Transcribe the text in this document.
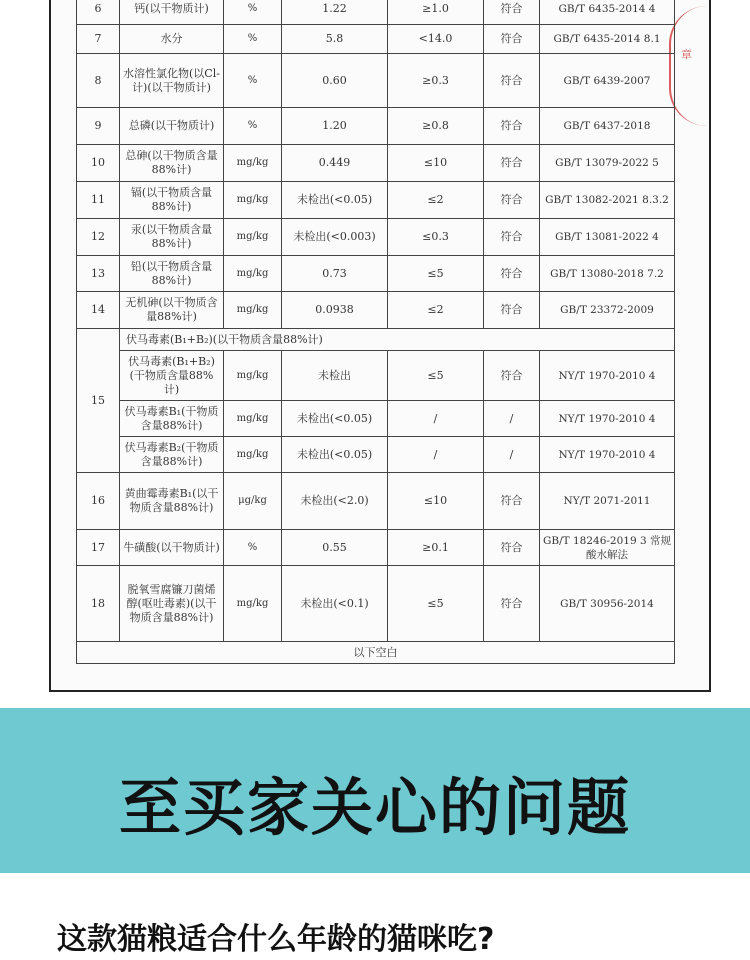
章
6	钙(以干物质计)	%	1.22	≥1.0	符合	GB/T 6435-2014 4
7	水分	%	5.8	<14.0	符合	GB/T 6435-2014 8.1
8	水溶性氯化物(以Cl-计)(以干物质计)	%	0.60	≥0.3	符合	GB/T 6439-2007
9	总磷(以干物质计)	%	1.20	≥0.8	符合	GB/T 6437-2018
10	总砷(以干物质含量88%计)	mg/kg	0.449	≤10	符合	GB/T 13079-2022 5
11	镉(以干物质含量88%计)	mg/kg	未检出(<0.05)	≤2	符合	GB/T 13082-2021 8.3.2
12	汞(以干物质含量88%计)	mg/kg	未检出(<0.003)	≤0.3	符合	GB/T 13081-2022 4
13	铅(以干物质含量88%计)	mg/kg	0.73	≤5	符合	GB/T 13080-2018 7.2
14	无机砷(以干物质含量88%计)	mg/kg	0.0938	≤2	符合	GB/T 23372-2009
15	伏马毒素(B₁+B₂)(以干物质含量88%计)					
	伏马毒素(B₁+B₂)(干物质含量88%计)	mg/kg	未检出	≤5	符合	NY/T 1970-2010 4
	伏马毒素B₁(干物质含量88%计)	mg/kg	未检出(<0.05)	/	/	NY/T 1970-2010 4
	伏马毒素B₂(干物质含量88%计)	mg/kg	未检出(<0.05)	/	/	NY/T 1970-2010 4
16	黄曲霉毒素B₁(以干物质含量88%计)	μg/kg	未检出(<2.0)	≤10	符合	NY/T 2071-2011
17	牛磺酸(以干物质计)	%	0.55	≥0.1	符合	GB/T 18246-2019 3 常规酸水解法
18	脱氧雪腐镰刀菌烯醇(呕吐毒素)(以干物质含量88%计)	mg/kg	未检出(<0.1)	≤5	符合	GB/T 30956-2014
以下空白						
至买家关心的问题
这款猫粮适合什么年龄的猫咪吃?
